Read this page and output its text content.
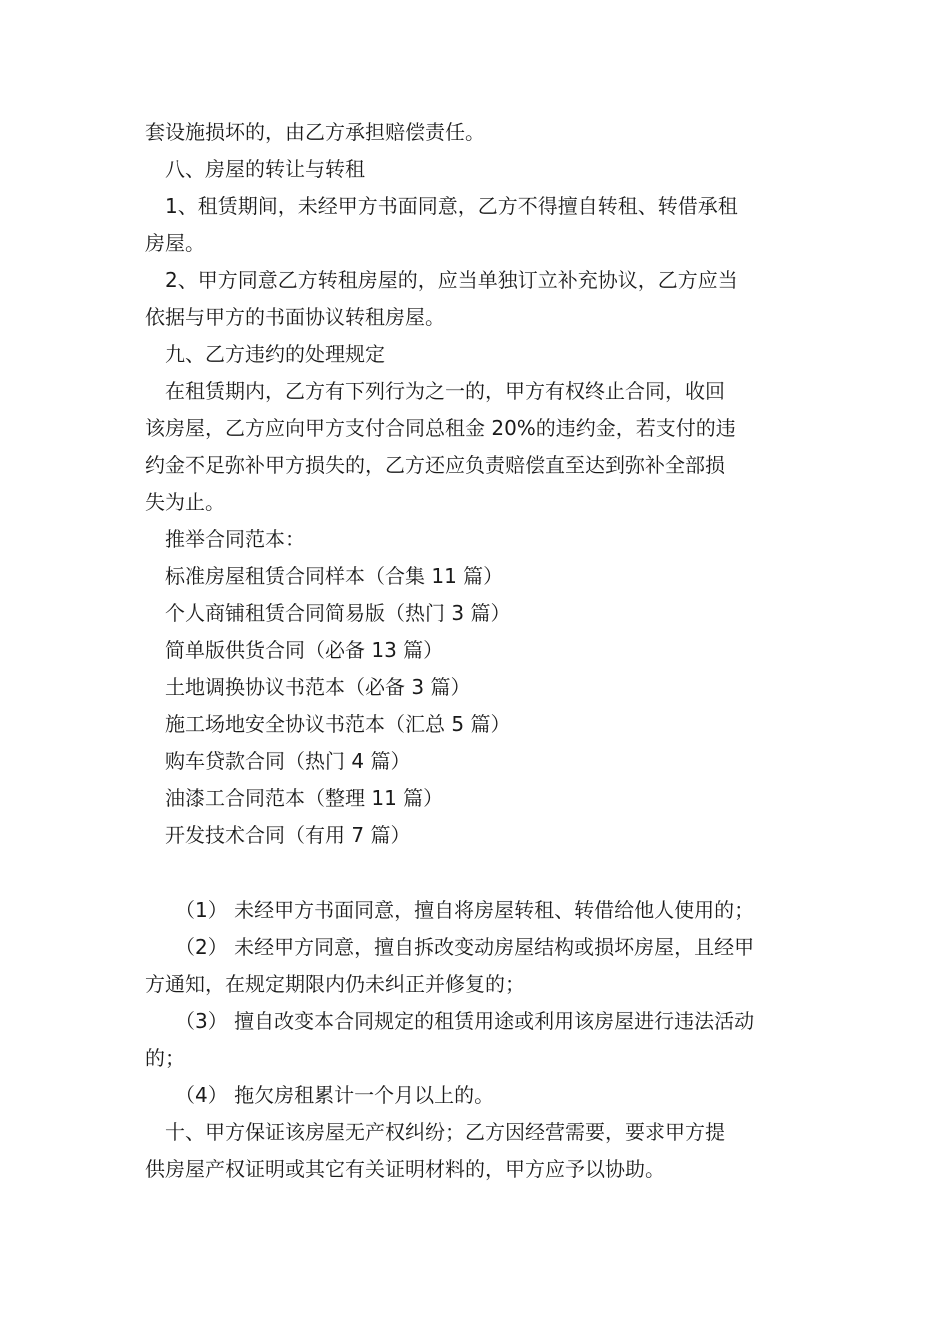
套设施损坏的，由乙方承担赔偿责任。
八、房屋的转让与转租
1、租赁期间，未经甲方书面同意，乙方不得擅自转租、转借承租
房屋。
2、甲方同意乙方转租房屋的，应当单独订立补充协议，乙方应当
依据与甲方的书面协议转租房屋。
九、乙方违约的处理规定
在租赁期内，乙方有下列行为之一的，甲方有权终止合同，收回
该房屋，乙方应向甲方支付合同总租金 20%的违约金，若支付的违
约金不足弥补甲方损失的，乙方还应负责赔偿直至达到弥补全部损
失为止。
推举合同范本：
标准房屋租赁合同样本（合集 11 篇）
个人商铺租赁合同简易版（热门 3 篇）
简单版供货合同（必备 13 篇）
土地调换协议书范本（必备 3 篇）
施工场地安全协议书范本（汇总 5 篇）
购车贷款合同（热门 4 篇）
油漆工合同范本（整理 11 篇）
开发技术合同（有用 7 篇）
（1） 未经甲方书面同意，擅自将房屋转租、转借给他人使用的；
（2） 未经甲方同意，擅自拆改变动房屋结构或损坏房屋，且经甲
方通知，在规定期限内仍未纠正并修复的；
（3） 擅自改变本合同规定的租赁用途或利用该房屋进行违法活动
的；
（4） 拖欠房租累计一个月以上的。
十、甲方保证该房屋无产权纠纷；乙方因经营需要，要求甲方提
供房屋产权证明或其它有关证明材料的，甲方应予以协助。
